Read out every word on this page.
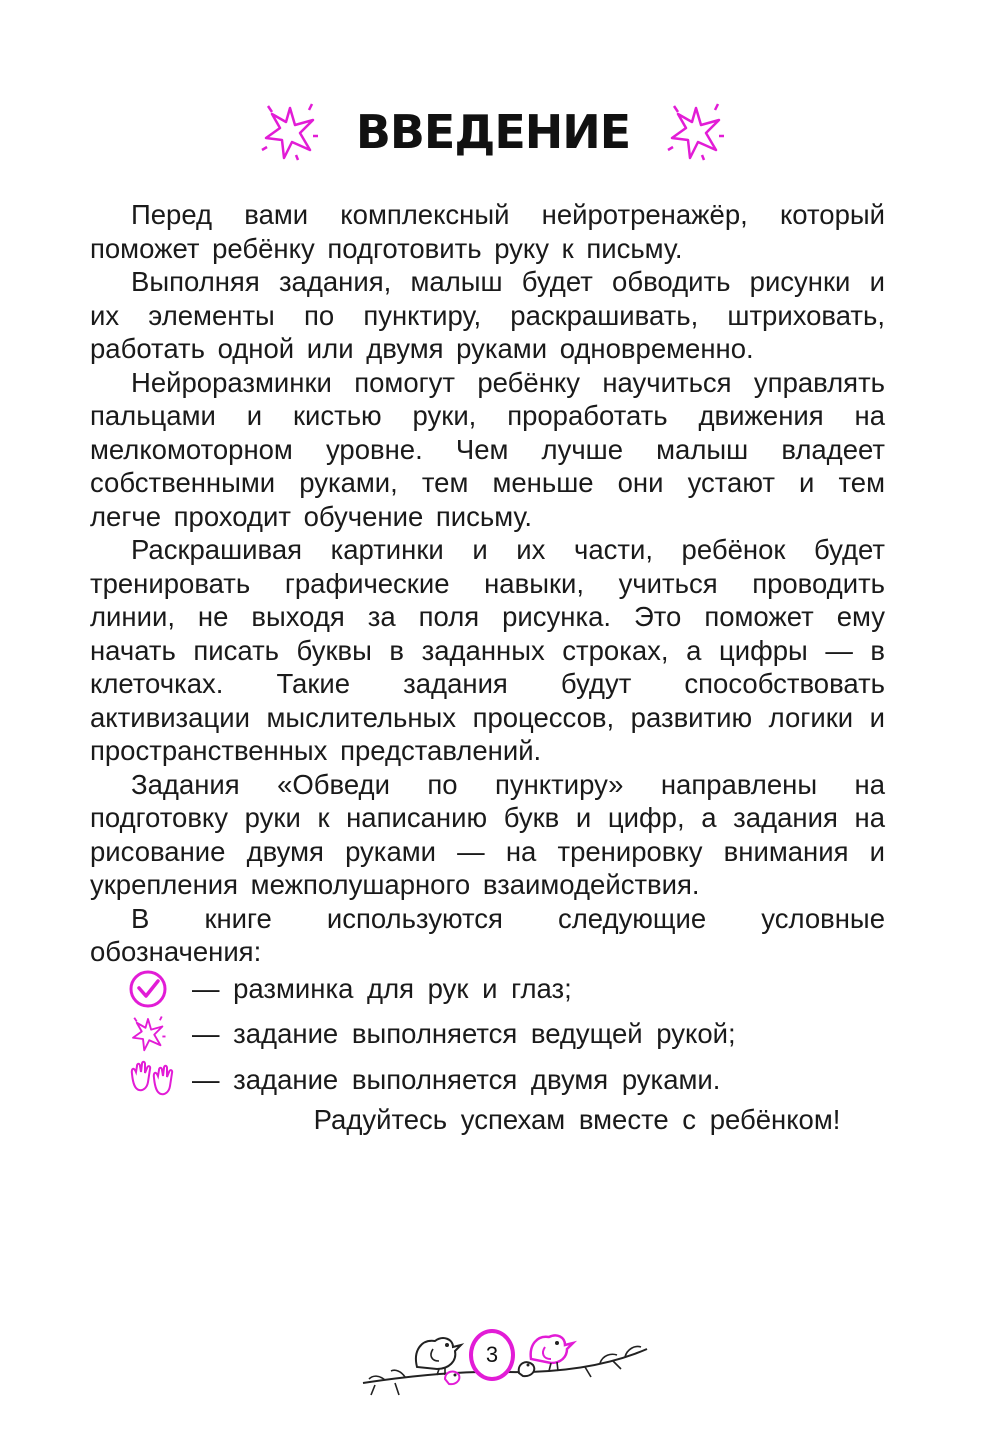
ВВЕДЕНИЕ

Перед вами комплексный нейротренажёр, который поможет ребёнку подготовить руку к письму.

Выполняя задания, малыш будет обводить рисунки и их элементы по пунктиру, раскрашивать, штриховать, работать одной или двумя руками одновременно.

Нейроразминки помогут ребёнку научиться управлять пальцами и кистью руки, проработать движения на мелкомоторном уровне. Чем лучше малыш владеет собственными руками, тем меньше они устают и тем легче проходит обучение письму.

Раскрашивая картинки и их части, ребёнок будет тренировать графические навыки, учиться проводить линии, не выходя за поля рисунка. Это поможет ему начать писать буквы в заданных строках, а цифры — в клеточках. Такие задания будут способствовать активизации мыслительных процессов, развитию логики и пространственных представлений.

Задания «Обведи по пунктиру» направлены на подготовку руки к написанию букв и цифр, а задания на рисование двумя руками — на тренировку внимания и укрепления межполушарного взаимодействия.

В книге используются следующие условные обозначения:

— разминка для рук и глаз;
— задание выполняется ведущей рукой;
— задание выполняется двумя руками.
Радуйтесь успехам вместе с ребёнком!
3
